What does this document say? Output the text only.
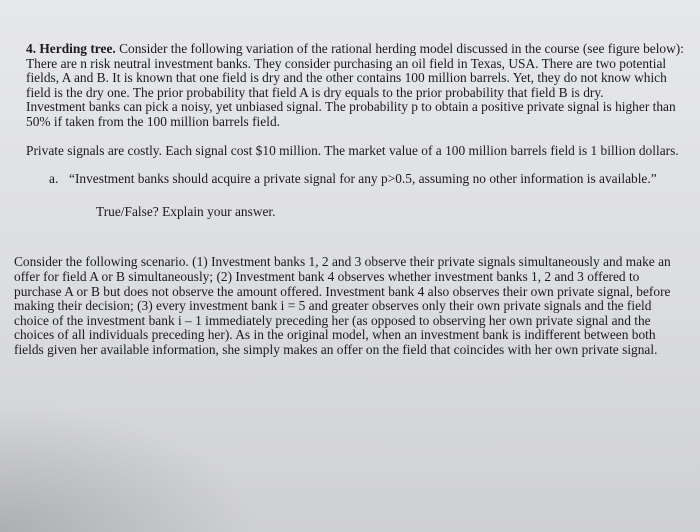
4. Herding tree. Consider the following variation of the rational herding model discussed in the course (see figure below): There are n risk neutral investment banks. They consider purchasing an oil field in Texas, USA. There are two potential fields, A and B. It is known that one field is dry and the other contains 100 million barrels. Yet, they do not know which field is the dry one. The prior probability that field A is dry equals to the prior probability that field B is dry.

Investment banks can pick a noisy, yet unbiased signal. The probability p to obtain a positive private signal is higher than 50% if taken from the 100 million barrels field.

Private signals are costly. Each signal cost $10 million. The market value of a 100 million barrels field is 1 billion dollars.

a. “Investment banks should acquire a private signal for any p>0.5, assuming no other information is available.”

True/False? Explain your answer.

Consider the following scenario. (1) Investment banks 1, 2 and 3 observe their private signals simultaneously and make an offer for field A or B simultaneously; (2) Investment bank 4 observes whether investment banks 1, 2 and 3 offered to purchase A or B but does not observe the amount offered. Investment bank 4 also observes their own private signal, before making their decision; (3) every investment bank i = 5 and greater observes only their own private signals and the field choice of the investment bank i – 1 immediately preceding her (as opposed to observing her own private signal and the choices of all individuals preceding her). As in the original model, when an investment bank is indifferent between both fields given her available information, she simply makes an offer on the field that coincides with her own private signal.
